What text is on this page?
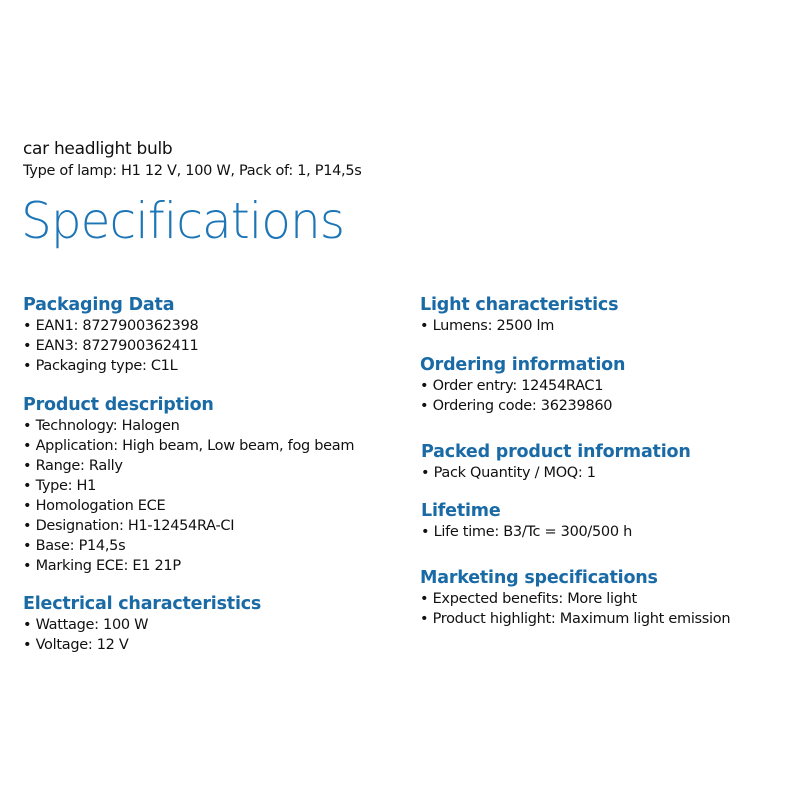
car headlight bulb
Type of lamp: H1 12 V, 100 W, Pack of: 1, P14,5s
Specifications
Packaging Data
• EAN1: 8727900362398
• EAN3: 8727900362411
• Packaging type: C1L
Product description
• Technology: Halogen
• Application: High beam, Low beam, fog beam
• Range: Rally
• Type: H1
• Homologation ECE
• Designation: H1-12454RA-CI
• Base: P14,5s
• Marking ECE: E1 21P
Electrical characteristics
• Wattage: 100 W
• Voltage: 12 V
Light characteristics
• Lumens: 2500 lm
Ordering information
• Order entry: 12454RAC1
• Ordering code: 36239860
Packed product information
• Pack Quantity / MOQ: 1
Lifetime
• Life time: B3/Tc = 300/500 h
Marketing specifications
• Expected benefits: More light
• Product highlight: Maximum light emission
